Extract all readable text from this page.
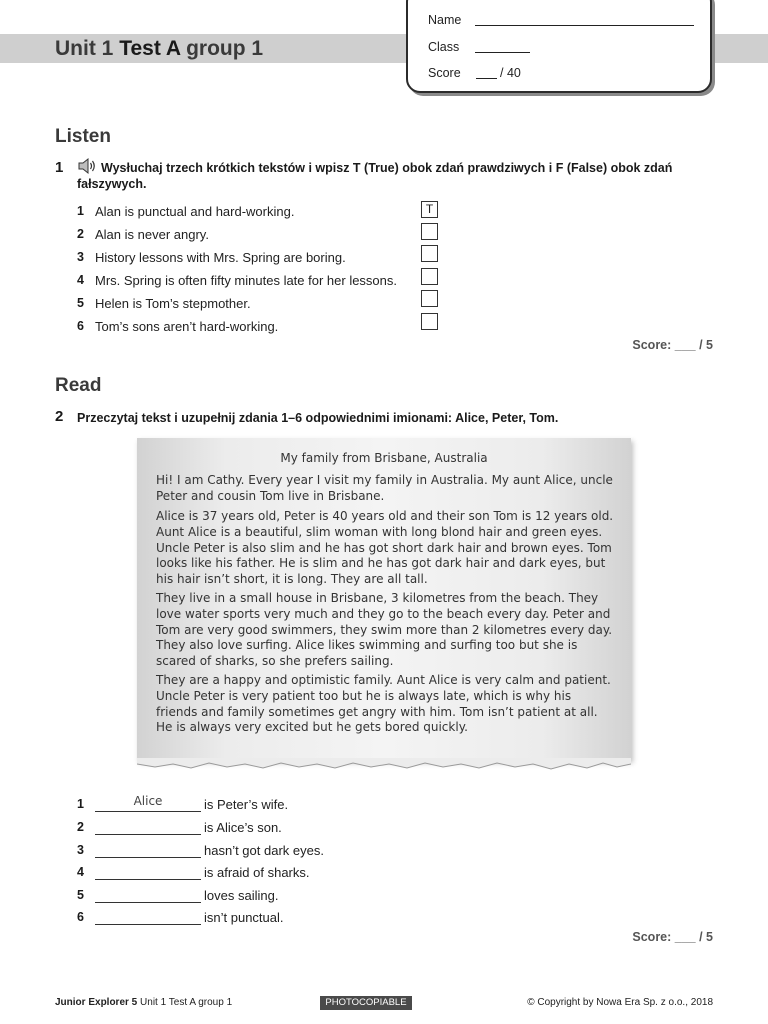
Unit 1 Test A group 1
Name
Class
Score	/ 40
Listen
1	Wysłuchaj trzech krótkich tekstów i wpisz T (True) obok zdań prawdziwych i F (False) obok zdań fałszywych.
1 Alan is punctual and hard-working.	T
2 Alan is never angry.
3 History lessons with Mrs. Spring are boring.
4 Mrs. Spring is often fifty minutes late for her lessons.
5 Helen is Tom’s stepmother.
6 Tom’s sons aren’t hard-working.
Score: ___ / 5
Read
2 Przeczytaj tekst i uzupełnij zdania 1–6 odpowiednimi imionami: Alice, Peter, Tom.
My family from Brisbane, Australia
Hi! I am Cathy. Every year I visit my family in Australia. My aunt Alice, uncle Peter and cousin Tom live in Brisbane.
Alice is 37 years old, Peter is 40 years old and their son Tom is 12 years old. Aunt Alice is a beautiful, slim woman with long blond hair and green eyes. Uncle Peter is also slim and he has got short dark hair and brown eyes. Tom looks like his father. He is slim and he has got dark hair and dark eyes, but his hair isn’t short, it is long. They are all tall.
They live in a small house in Brisbane, 3 kilometres from the beach. They love water sports very much and they go to the beach every day. Peter and Tom are very good swimmers, they swim more than 2 kilometres every day. They also love surfing. Alice likes swimming and surfing too but she is scared of sharks, so she prefers sailing.
They are a happy and optimistic family. Aunt Alice is very calm and patient. Uncle Peter is very patient too but he is always late, which is why his friends and family sometimes get angry with him. Tom isn’t patient at all. He is always very excited but he gets bored quickly.
1	Alice	is Peter’s wife.
2	is Alice’s son.
3	hasn’t got dark eyes.
4	is afraid of sharks.
5	loves sailing.
6	isn’t punctual.
Score: ___ / 5
Junior Explorer 5 Unit 1 Test A group 1	PHOTOCOPIABLE	© Copyright by Nowa Era Sp. z o.o., 2018
